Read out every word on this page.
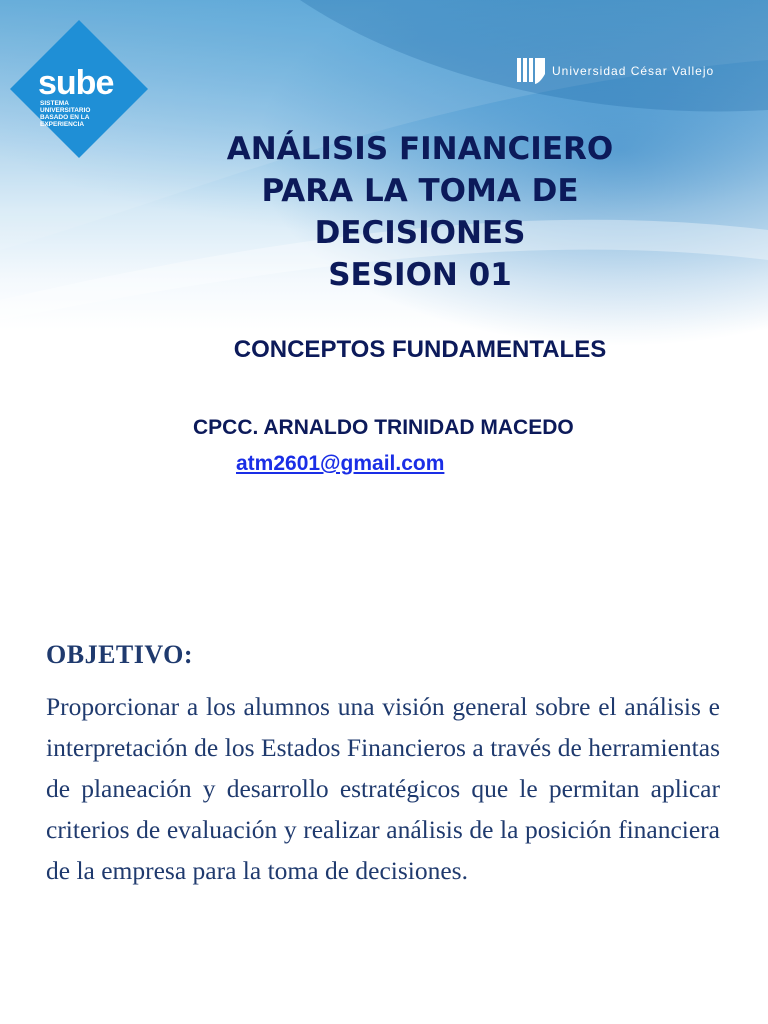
sube
SISTEMA UNIVERSITARIO BASADO EN LA EXPERIENCIA
Universidad César Vallejo
ANÁLISIS FINANCIERO
PARA LA TOMA DE
DECISIONES
SESION 01
CONCEPTOS FUNDAMENTALES

CPCC. ARNALDO TRINIDAD MACEDO

atm2601@gmail.com
OBJETIVO:

Proporcionar a los alumnos una visión general sobre el análisis e interpretación de los Estados Financieros a través de herramientas de planeación y desarrollo estratégicos que le permitan aplicar criterios de evaluación y realizar análisis de la posición financiera de la empresa para la toma de decisiones.
